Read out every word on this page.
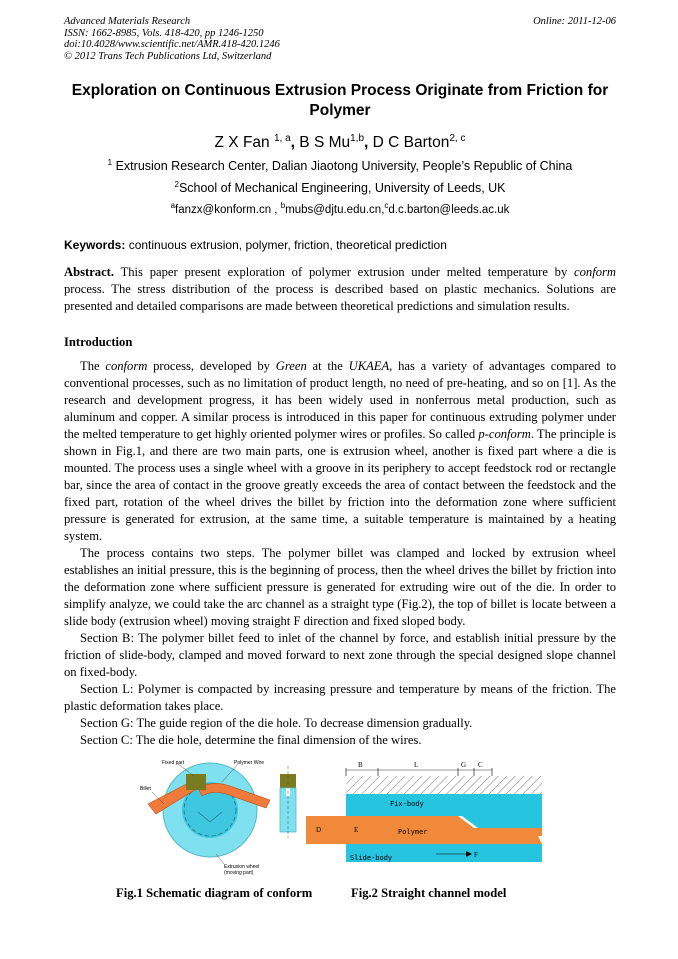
Advanced Materials Research
ISSN: 1662-8985, Vols. 418-420, pp 1246-1250
doi:10.4028/www.scientific.net/AMR.418-420.1246
© 2012 Trans Tech Publications Ltd, Switzerland
Online: 2011-12-06
Exploration on Continuous Extrusion Process Originate from Friction for Polymer
Z X Fan $^{1, a}$, B S Mu$^{1,b}$, D C Barton$^{2, c}$
$^1$ Extrusion Research Center, Dalian Jiaotong University, People’s Republic of China
$^2$School of Mechanical Engineering, University of Leeds, UK
$^a$fanzx@konform.cn , $^b$mubs@djtu.edu.cn,$^c$d.c.barton@leeds.ac.uk
Keywords: continuous extrusion, polymer, friction, theoretical prediction
Abstract. This paper present exploration of polymer extrusion under melted temperature by conform process. The stress distribution of the process is described based on plastic mechanics. Solutions are presented and detailed comparisons are made between theoretical predictions and simulation results.
Introduction

The conform process, developed by Green at the UKAEA, has a variety of advantages compared to conventional processes, such as no limitation of product length, no need of pre-heating, and so on [1]. As the research and development progress, it has been widely used in nonferrous metal production, such as aluminum and copper. A similar process is introduced in this paper for continuous extruding polymer under the melted temperature to get highly oriented polymer wires or profiles. So called p-conform. The principle is shown in Fig.1, and there are two main parts, one is extrusion wheel, another is fixed part where a die is mounted. The process uses a single wheel with a groove in its periphery to accept feedstock rod or rectangle bar, since the area of contact in the groove greatly exceeds the area of contact between the feedstock and the fixed part, rotation of the wheel drives the billet by friction into the deformation zone where sufficient pressure is generated for extrusion, at the same time, a suitable temperature is maintained by a heating system.

The process contains two steps. The polymer billet was clamped and locked by extrusion wheel establishes an initial pressure, this is the beginning of process, then the wheel drives the billet by friction into the deformation zone where sufficient pressure is generated for extruding wire out of the die. In order to simplify analyze, we could take the arc channel as a straight type (Fig.2), the top of billet is locate between a slide body (extrusion wheel) moving straight F direction and fixed sloped body.

Section B: The polymer billet feed to inlet of the channel by force, and establish initial pressure by the friction of slide-body, clamped and moved forward to next zone through the special designed slope channel on fixed-body.

Section L: Polymer is compacted by increasing pressure and temperature by means of the friction. The plastic deformation takes place.

Section G: The guide region of the die hole. To decrease dimension gradually.

Section C: The die hole, determine the final dimension of the wires.

Fixed part	Polymer Wire
Billet
Extrusion wheel
(moving part)
B	L	G C
Fix-body
Polymer
Slide-body
D	E
F
Fig.1 Schematic diagram of conform	Fig.2 Straight channel model
